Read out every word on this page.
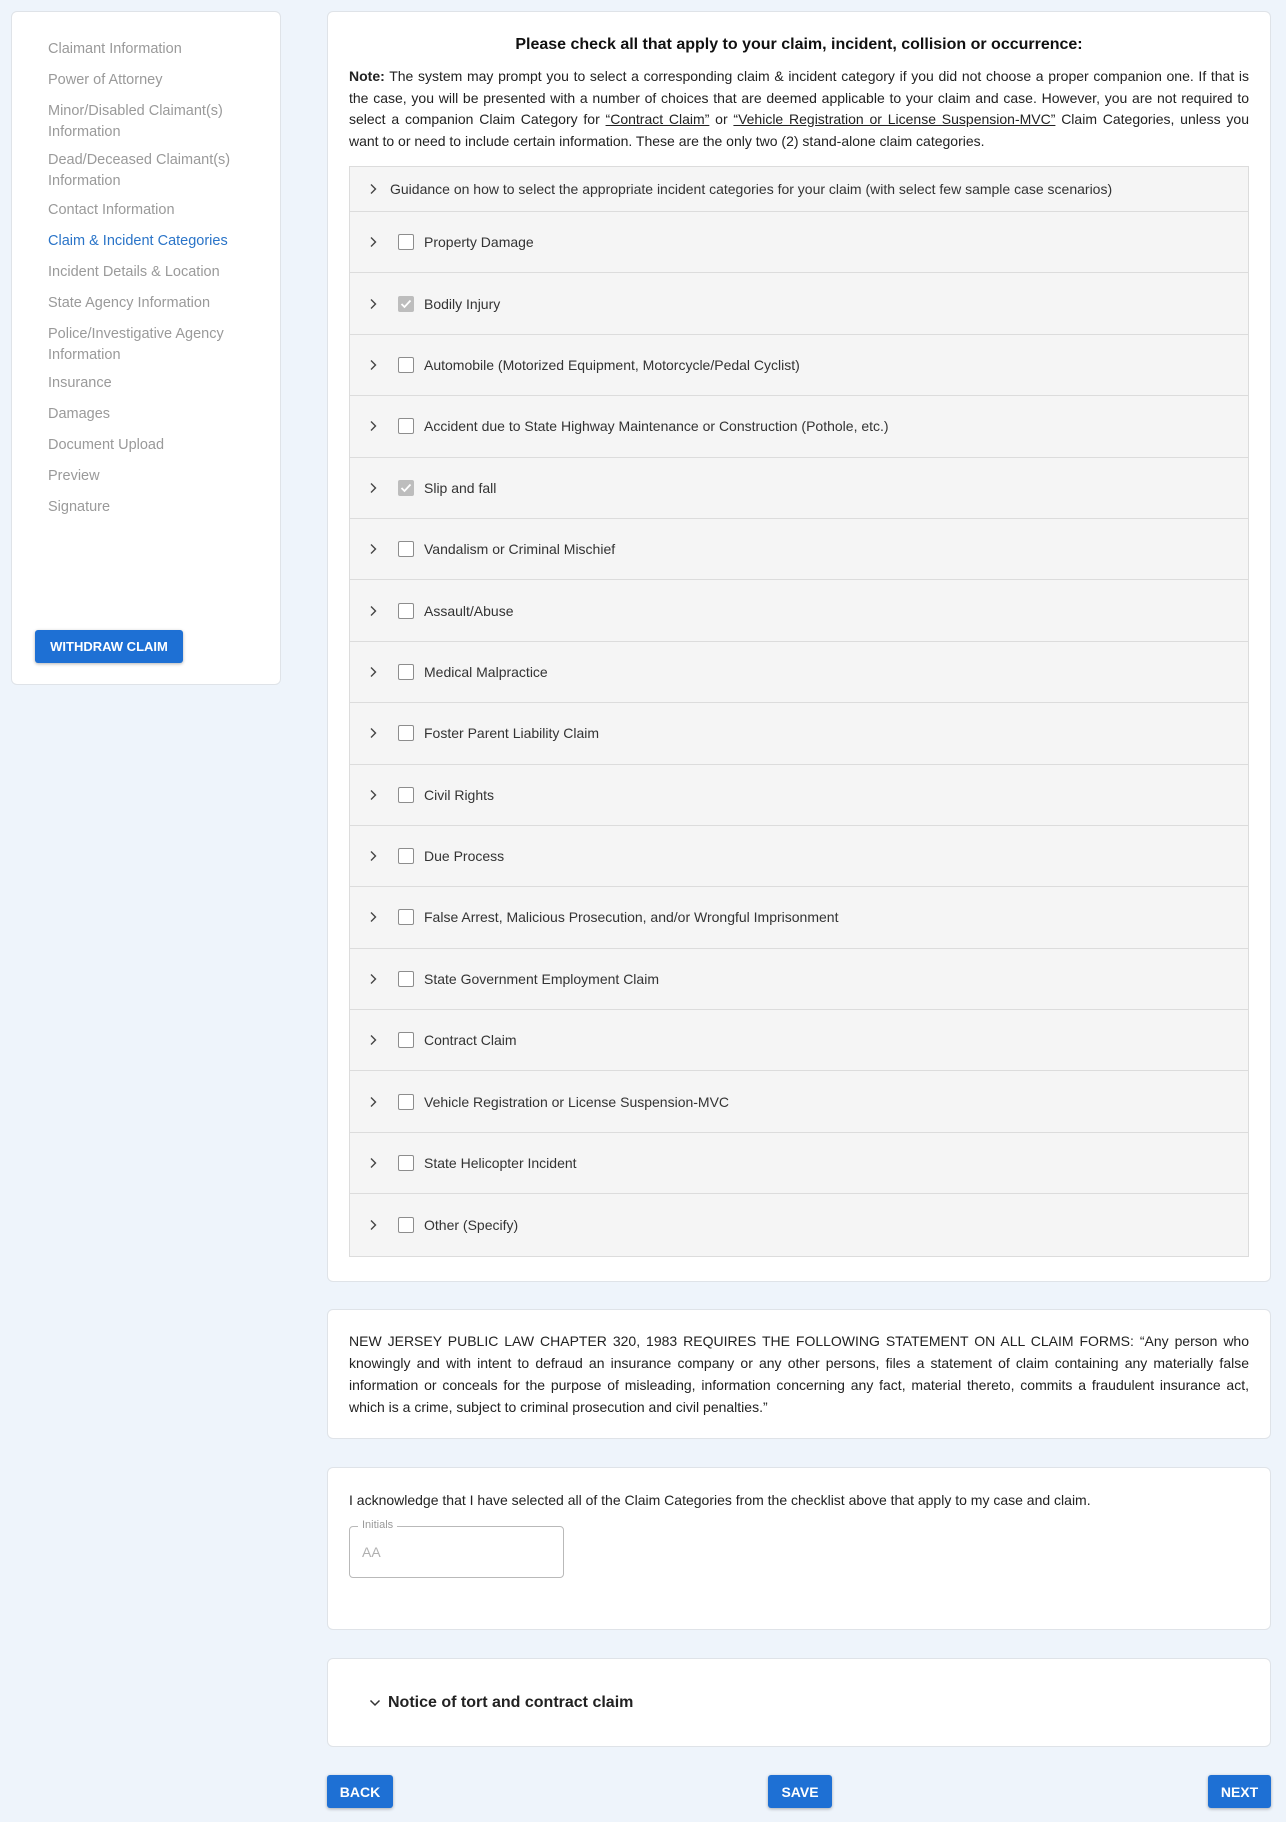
Claimant Information
Power of Attorney
Minor/Disabled Claimant(s) Information
Dead/Deceased Claimant(s) Information
Contact Information
Claim & Incident Categories
Incident Details & Location
State Agency Information
Police/Investigative Agency Information
Insurance
Damages
Document Upload
Preview
Signature
WITHDRAW CLAIM
Please check all that apply to your claim, incident, collision or occurrence:

Note: The system may prompt you to select a corresponding claim & incident category if you did not choose a proper companion one. If that is the case, you will be presented with a number of choices that are deemed applicable to your claim and case. However, you are not required to select a companion Claim Category for “Contract Claim” or “Vehicle Registration or License Suspension-MVC” Claim Categories, unless you want to or need to include certain information. These are the only two (2) stand-alone claim categories.

Guidance on how to select the appropriate incident categories for your claim (with select few sample case scenarios)
Property Damage
Bodily Injury
Automobile (Motorized Equipment, Motorcycle/Pedal Cyclist)
Accident due to State Highway Maintenance or Construction (Pothole, etc.)
Slip and fall
Vandalism or Criminal Mischief
Assault/Abuse
Medical Malpractice
Foster Parent Liability Claim
Civil Rights
Due Process
False Arrest, Malicious Prosecution, and/or Wrongful Imprisonment
State Government Employment Claim
Contract Claim
Vehicle Registration or License Suspension-MVC
State Helicopter Incident
Other (Specify)

NEW JERSEY PUBLIC LAW CHAPTER 320, 1983 REQUIRES THE FOLLOWING STATEMENT ON ALL CLAIM FORMS: “Any person who knowingly and with intent to defraud an insurance company or any other persons, files a statement of claim containing any materially false information or conceals for the purpose of misleading, information concerning any fact, material thereto, commits a fraudulent insurance act, which is a crime, subject to criminal prosecution and civil penalties.”

I acknowledge that I have selected all of the Claim Categories from the checklist above that apply to my case and claim.

Initials
AA
Notice of tort and contract claim
BACK	SAVE	NEXT
